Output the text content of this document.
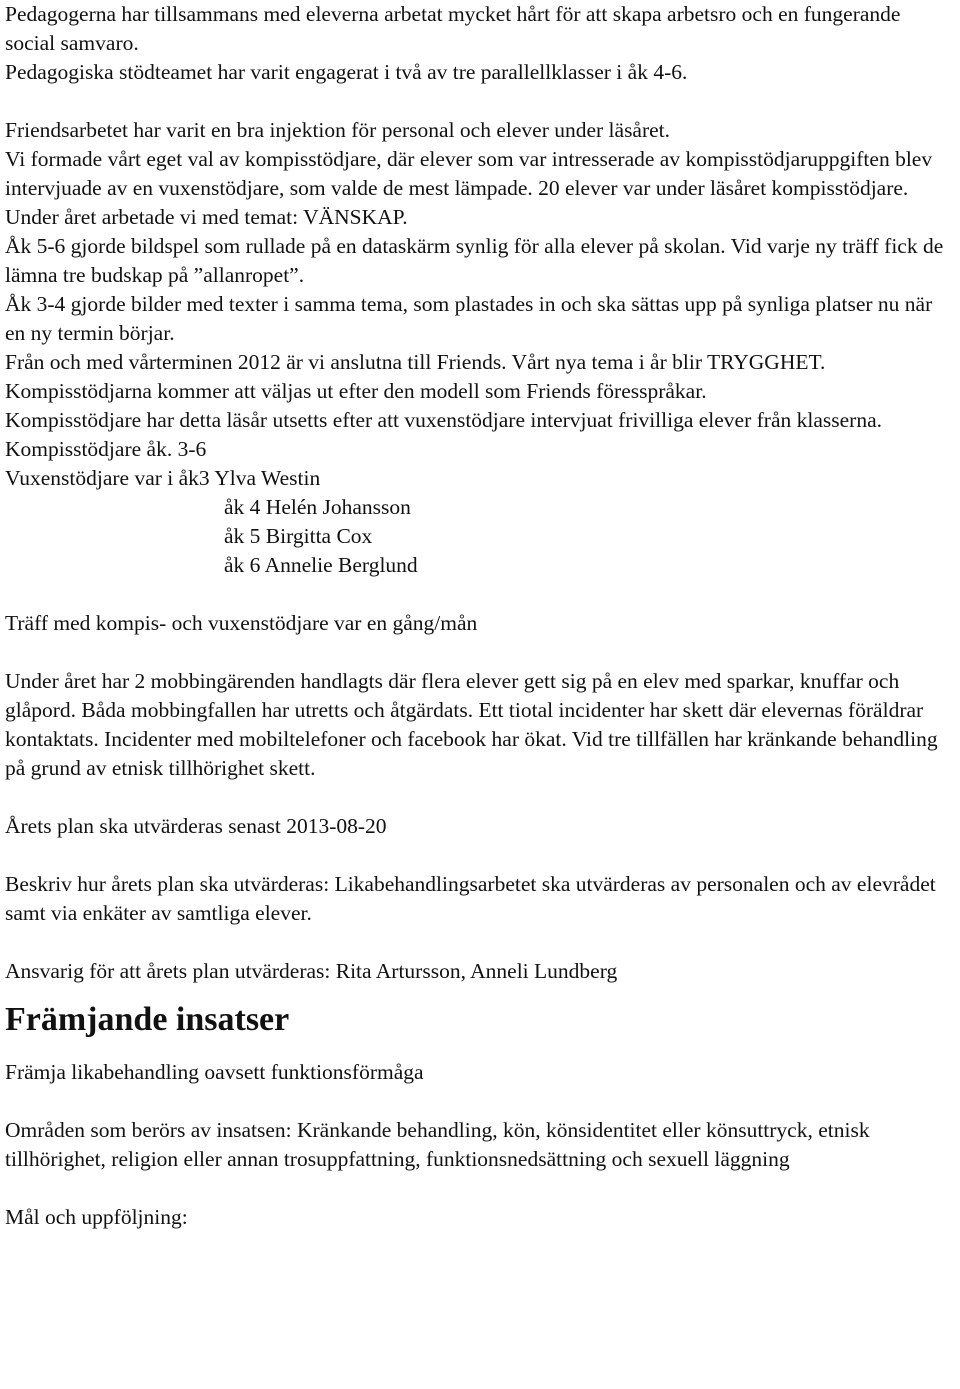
Pedagogerna har tillsammans med eleverna arbetat mycket hårt för att skapa arbetsro och en fungerande social samvaro.

Pedagogiska stödteamet har varit engagerat i två av tre parallellklasser i åk 4-6.

Friendsarbetet har varit en bra injektion för personal och elever under läsåret.

Vi formade vårt eget val av kompisstödjare, där elever som var intresserade av kompisstödjaruppgiften blev intervjuade av en vuxenstödjare, som valde de mest lämpade. 20 elever var under läsåret kompisstödjare.

Under året arbetade vi med temat: VÄNSKAP.

Åk 5-6 gjorde bildspel som rullade på en dataskärm synlig för alla elever på skolan. Vid varje ny träff fick de lämna tre budskap på ”allanropet”.

Åk 3-4 gjorde bilder med texter i samma tema, som plastades in och ska sättas upp på synliga platser nu när en ny termin börjar.

Från och med vårterminen 2012 är vi anslutna till Friends. Vårt nya tema i år blir TRYGGHET.

Kompisstödjarna kommer att väljas ut efter den modell som Friends föresspråkar.

Kompisstödjare har detta läsår utsetts efter att vuxenstödjare intervjuat frivilliga elever från klasserna.

Kompisstödjare åk. 3-6

Vuxenstödjare var i åk3 Ylva Westin

åk 4 Helén Johansson

åk 5 Birgitta Cox

åk 6 Annelie Berglund

Träff med kompis- och vuxenstödjare var en gång/mån

Under året har 2 mobbingärenden handlagts där flera elever gett sig på en elev med sparkar, knuffar och glåpord. Båda mobbingfallen har utretts och åtgärdats. Ett tiotal incidenter har skett där elevernas föräldrar kontaktats. Incidenter med mobiltelefoner och facebook har ökat. Vid tre tillfällen har kränkande behandling på grund av etnisk tillhörighet skett.

Årets plan ska utvärderas senast 2013-08-20

Beskriv hur årets plan ska utvärderas: Likabehandlingsarbetet ska utvärderas av personalen och av elevrådet samt via enkäter av samtliga elever.

Ansvarig för att årets plan utvärderas: Rita Artursson, Anneli Lundberg

Främjande insatser

Främja likabehandling oavsett funktionsförmåga

Områden som berörs av insatsen: Kränkande behandling, kön, könsidentitet eller könsuttryck, etnisk tillhörighet, religion eller annan trosuppfattning, funktionsnedsättning och sexuell läggning

Mål och uppföljning:
